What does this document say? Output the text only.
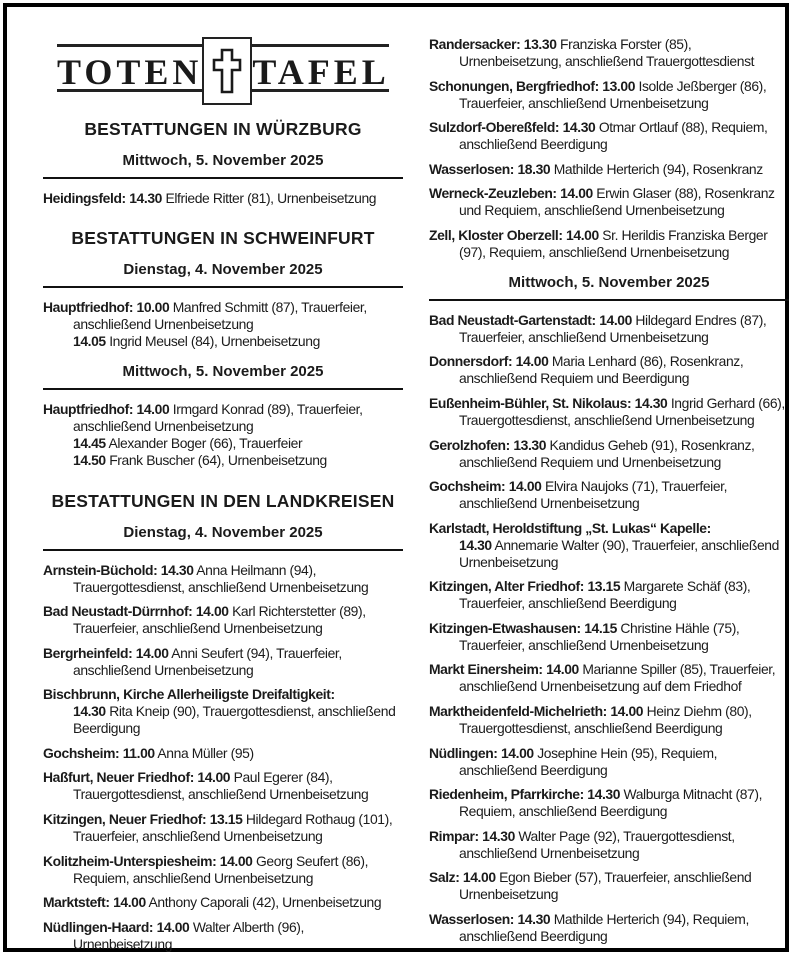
TOTEN TAFEL
BESTATTUNGEN IN WÜRZBURG
Mittwoch, 5. November 2025

Heidingsfeld: 14.30 Elfriede Ritter (81), Urnenbeisetzung

BESTATTUNGEN IN SCHWEINFURT
Dienstag, 4. November 2025

Hauptfriedhof: 10.00 Manfred Schmitt (87), Trauerfeier, anschließend Urnenbeisetzung
14.05 Ingrid Meusel (84), Urnenbeisetzung

Mittwoch, 5. November 2025

Hauptfriedhof: 14.00 Irmgard Konrad (89), Trauerfeier, anschließend Urnenbeisetzung
14.45 Alexander Boger (66), Trauerfeier
14.50 Frank Buscher (64), Urnenbeisetzung

BESTATTUNGEN IN DEN LANDKREISEN
Dienstag, 4. November 2025

Arnstein-Büchold: 14.30 Anna Heilmann (94), Trauergottesdienst, anschließend Urnenbeisetzung

Bad Neustadt-Dürrnhof: 14.00 Karl Richterstetter (89), Trauerfeier, anschließend Urnenbeisetzung

Bergrheinfeld: 14.00 Anni Seufert (94), Trauerfeier, anschließend Urnenbeisetzung

Bischbrunn, Kirche Allerheiligste Dreifaltigkeit:
14.30 Rita Kneip (90), Trauergottesdienst, anschließend Beerdigung

Gochsheim: 11.00 Anna Müller (95)

Haßfurt, Neuer Friedhof: 14.00 Paul Egerer (84), Trauergottesdienst, anschließend Urnenbeisetzung

Kitzingen, Neuer Friedhof: 13.15 Hildegard Rothaug (101), Trauerfeier, anschließend Urnenbeisetzung

Kolitzheim-Unterspiesheim: 14.00 Georg Seufert (86), Requiem, anschließend Urnenbeisetzung

Marktsteft: 14.00 Anthony Caporali (42), Urnenbeisetzung

Nüdlingen-Haard: 14.00 Walter Alberth (96), Urnenbeisetzung

Randersacker: 13.30 Franziska Forster (85), Urnenbeisetzung, anschließend Trauergottesdienst

Schonungen, Bergfriedhof: 13.00 Isolde Jeßberger (86), Trauerfeier, anschließend Urnenbeisetzung

Sulzdorf-Obereßfeld: 14.30 Otmar Ortlauf (88), Requiem, anschließend Beerdigung

Wasserlosen: 18.30 Mathilde Herterich (94), Rosenkranz

Werneck-Zeuzleben: 14.00 Erwin Glaser (88), Rosenkranz und Requiem, anschließend Urnenbeisetzung

Zell, Kloster Oberzell: 14.00 Sr. Herildis Franziska Berger (97), Requiem, anschließend Urnenbeisetzung

Mittwoch, 5. November 2025

Bad Neustadt-Gartenstadt: 14.00 Hildegard Endres (87), Trauerfeier, anschließend Urnenbeisetzung

Donnersdorf: 14.00 Maria Lenhard (86), Rosenkranz, anschließend Requiem und Beerdigung

Eußenheim-Bühler, St. Nikolaus: 14.30 Ingrid Gerhard (66), Trauergottesdienst, anschließend Urnenbeisetzung

Gerolzhofen: 13.30 Kandidus Geheb (91), Rosenkranz, anschließend Requiem und Urnenbeisetzung

Gochsheim: 14.00 Elvira Naujoks (71), Trauerfeier, anschließend Urnenbeisetzung

Karlstadt, Heroldstiftung „St. Lukas“ Kapelle:
14.30 Annemarie Walter (90), Trauerfeier, anschließend Urnenbeisetzung

Kitzingen, Alter Friedhof: 13.15 Margarete Schäf (83), Trauerfeier, anschließend Beerdigung

Kitzingen-Etwashausen: 14.15 Christine Hähle (75), Trauerfeier, anschließend Urnenbeisetzung

Markt Einersheim: 14.00 Marianne Spiller (85), Trauerfeier, anschließend Urnenbeisetzung auf dem Friedhof

Marktheidenfeld-Michelrieth: 14.00 Heinz Diehm (80), Trauergottesdienst, anschließend Beerdigung

Nüdlingen: 14.00 Josephine Hein (95), Requiem, anschließend Beerdigung

Riedenheim, Pfarrkirche: 14.30 Walburga Mitnacht (87), Requiem, anschließend Beerdigung

Rimpar: 14.30 Walter Page (92), Trauergottesdienst, anschließend Urnenbeisetzung

Salz: 14.00 Egon Bieber (57), Trauerfeier, anschließend Urnenbeisetzung

Wasserlosen: 14.30 Mathilde Herterich (94), Requiem, anschließend Beerdigung
